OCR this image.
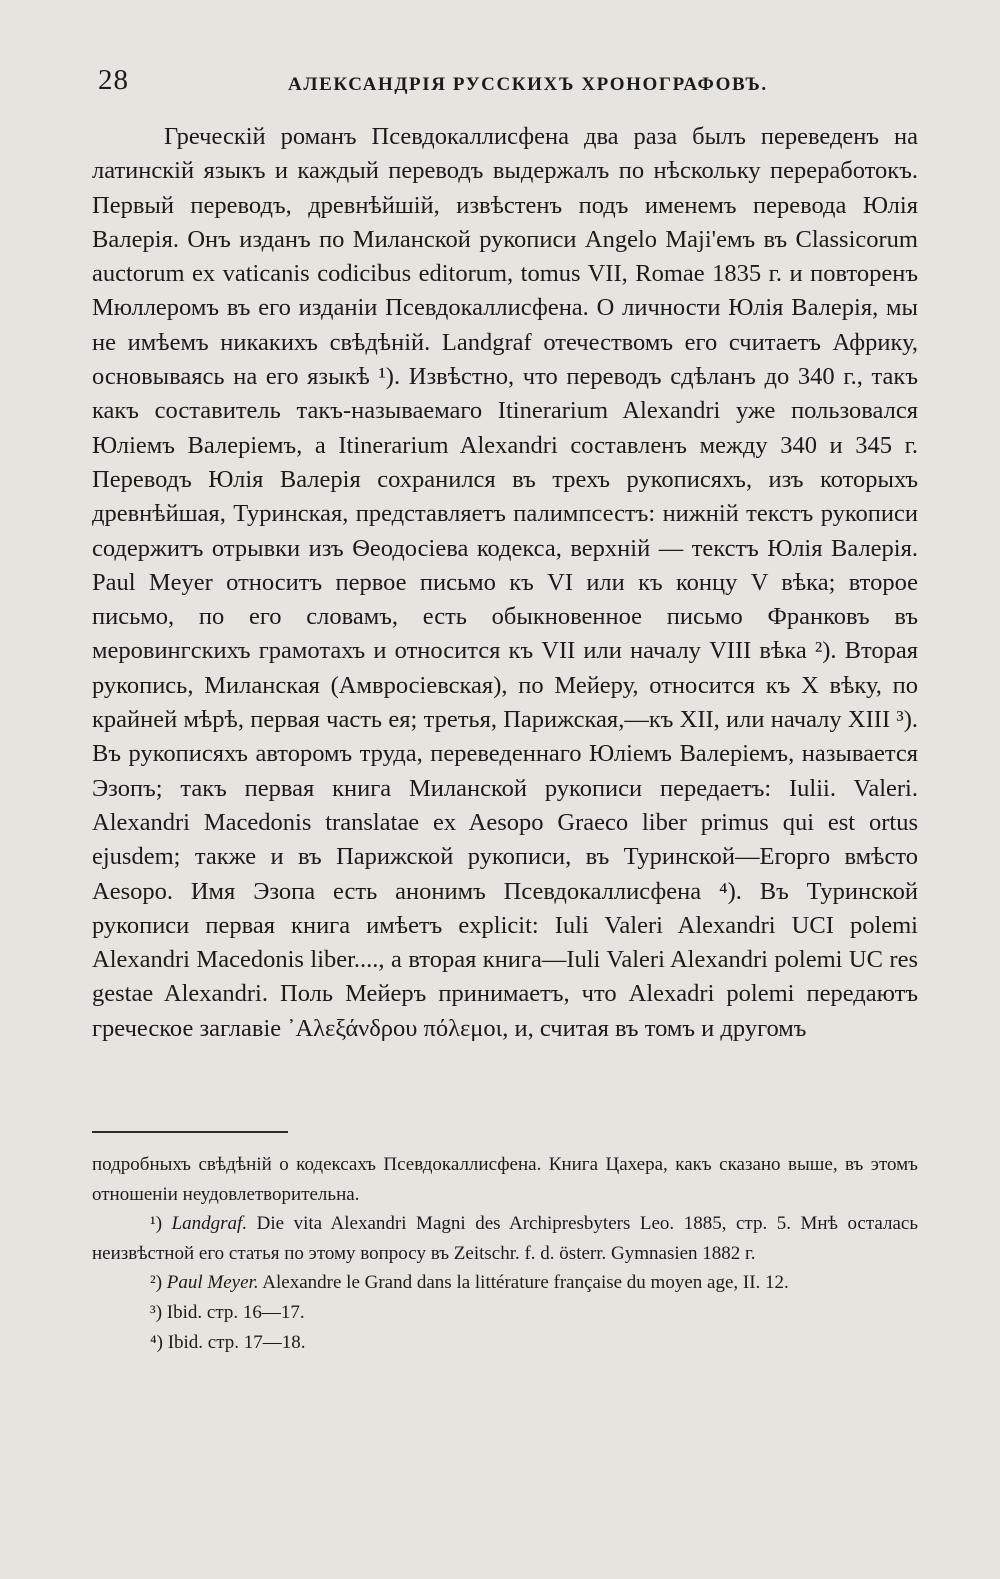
28	АЛЕКСАНДРІЯ РУССКИХЪ ХРОНОГРАФОВЪ.

Греческій романъ Псевдокаллисфена два раза былъ переведенъ на латинскій языкъ и каждый переводъ выдержалъ по нѣскольку переработокъ. Первый переводъ, древнѣйшій, извѣстенъ подъ именемъ перевода Юлія Валерія. Онъ изданъ по Миланской рукописи Angelo Maji'емъ въ Classicorum auctorum ex vaticanis codicibus editorum, tomus VII, Romae 1835 г. и повторенъ Мюллеромъ въ его изданіи Псевдокаллисфена. О личности Юлія Валерія, мы не имѣемъ никакихъ свѣдѣній. Landgraf отечествомъ его считаетъ Африку, основываясь на его языкѣ ¹). Извѣстно, что переводъ сдѣланъ до 340 г., такъ какъ составитель такъ-называемаго Itinerarium Alexandri уже пользовался Юліемъ Валеріемъ, а Itinerarium Alexandri составленъ между 340 и 345 г. Переводъ Юлія Валерія сохранился въ трехъ рукописяхъ, изъ которыхъ древнѣйшая, Туринская, представляетъ палимпсестъ: нижній текстъ рукописи содержитъ отрывки изъ Ѳеодосіева кодекса, верхній — текстъ Юлія Валерія. Paul Meyer относитъ первое письмо къ VI или къ концу V вѣка; второе письмо, по его словамъ, есть обыкновенное письмо Франковъ въ меровингскихъ грамотахъ и относится къ VII или началу VIII вѣка ²). Вторая рукопись, Миланская (Амвросіевская), по Мейеру, относится къ X вѣку, по крайней мѣрѣ, первая часть ея; третья, Парижская,—къ XII, или началу XIII ³). Въ рукописяхъ авторомъ труда, переведеннаго Юліемъ Валеріемъ, называется Эзопъ; такъ первая книга Миланской рукописи передаетъ: Iulii. Valeri. Alexandri Macedonis translatae ex Aesopo Graeco liber primus qui est ortus ejusdem; также и въ Парижской рукописи, въ Туринской—Егорго вмѣсто Aesopo. Имя Эзопа есть анонимъ Псевдокаллисфена ⁴). Въ Туринской рукописи первая книга имѣетъ explicit: Iuli Valeri Alexandri UCI polemi Alexandri Macedonis liber...., а вторая книга—Iuli Valeri Alexandri polemi UC res gestae Alexandri. Поль Мейеръ принимаетъ, что Alexadri polemi передаютъ греческое заглавіе ᾿Αλεξάνδρου πόλεμοι, и, считая въ томъ и другомъ

подробныхъ свѣдѣній о кодексахъ Псевдокаллисфена. Книга Цахера, какъ сказано выше, въ этомъ отношеніи неудовлетворительна.

¹) Landgraf. Die vita Alexandri Magni des Archipresbyters Leo. 1885, стр. 5. Мнѣ осталась неизвѣстной его статья по этому вопросу въ Zeitschr. f. d. österr. Gymnasien 1882 г.

²) Paul Meyer. Alexandre le Grand dans la littérature française du moyen age, II. 12.

³) Ibid. стр. 16—17.

⁴) Ibid. стр. 17—18.
